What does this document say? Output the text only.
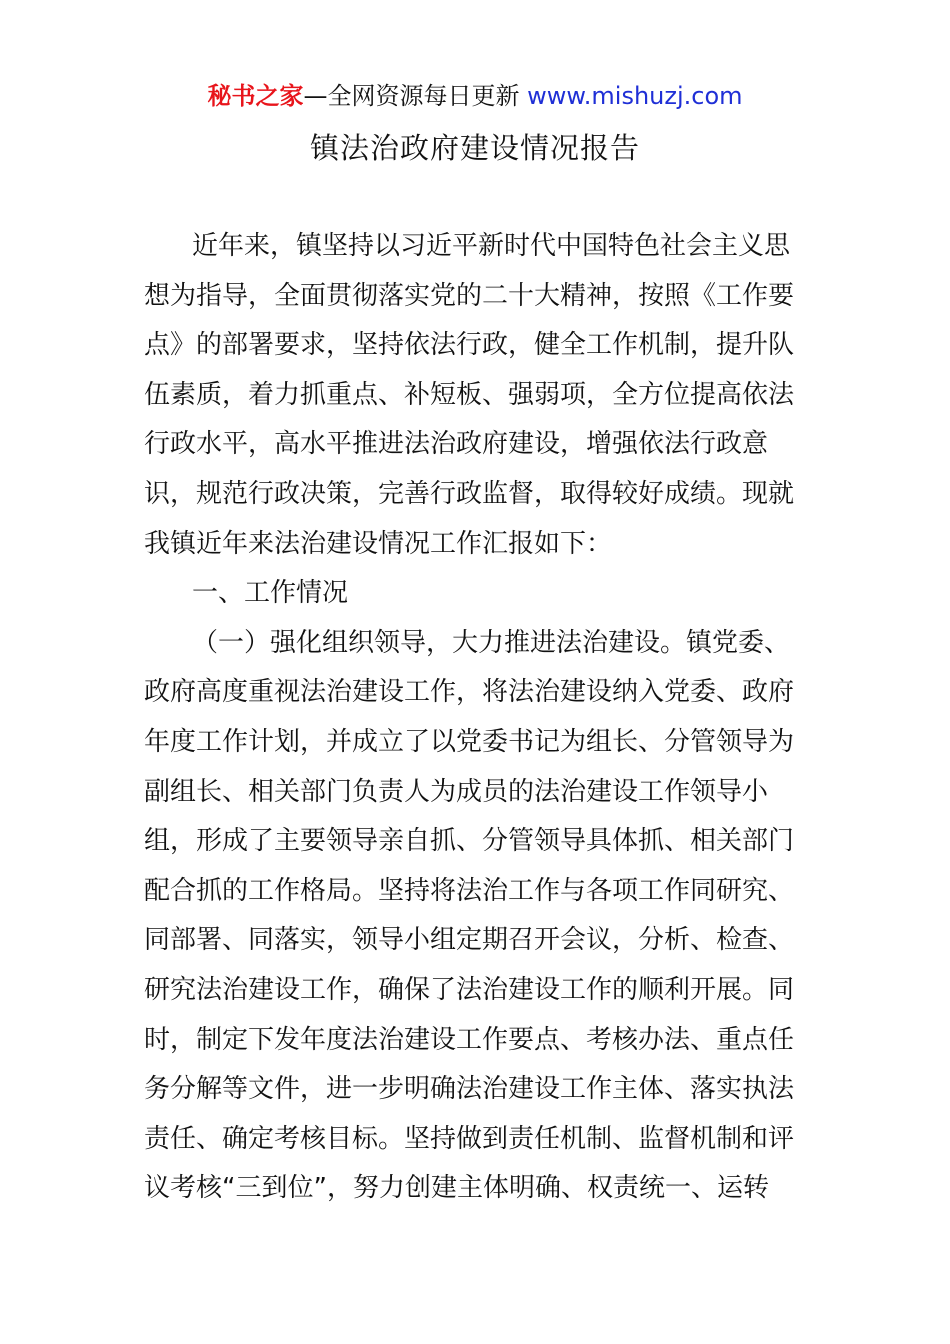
秘书之家—全网资源每日更新 www.mishuzj.com
镇法治政府建设情况报告
近年来，镇坚持以习近平新时代中国特色社会主义思
想为指导，全面贯彻落实党的二十大精神，按照《工作要
点》的部署要求，坚持依法行政，健全工作机制，提升队
伍素质，着力抓重点、补短板、强弱项，全方位提高依法
行政水平，高水平推进法治政府建设，增强依法行政意
识，规范行政决策，完善行政监督，取得较好成绩。现就
我镇近年来法治建设情况工作汇报如下：
一、工作情况
（一）强化组织领导，大力推进法治建设。镇党委、
政府高度重视法治建设工作，将法治建设纳入党委、政府
年度工作计划，并成立了以党委书记为组长、分管领导为
副组长、相关部门负责人为成员的法治建设工作领导小
组，形成了主要领导亲自抓、分管领导具体抓、相关部门
配合抓的工作格局。坚持将法治工作与各项工作同研究、
同部署、同落实，领导小组定期召开会议，分析、检查、
研究法治建设工作，确保了法治建设工作的顺利开展。同
时，制定下发年度法治建设工作要点、考核办法、重点任
务分解等文件，进一步明确法治建设工作主体、落实执法
责任、确定考核目标。坚持做到责任机制、监督机制和评
议考核“三到位”，努力创建主体明确、权责统一、运转
